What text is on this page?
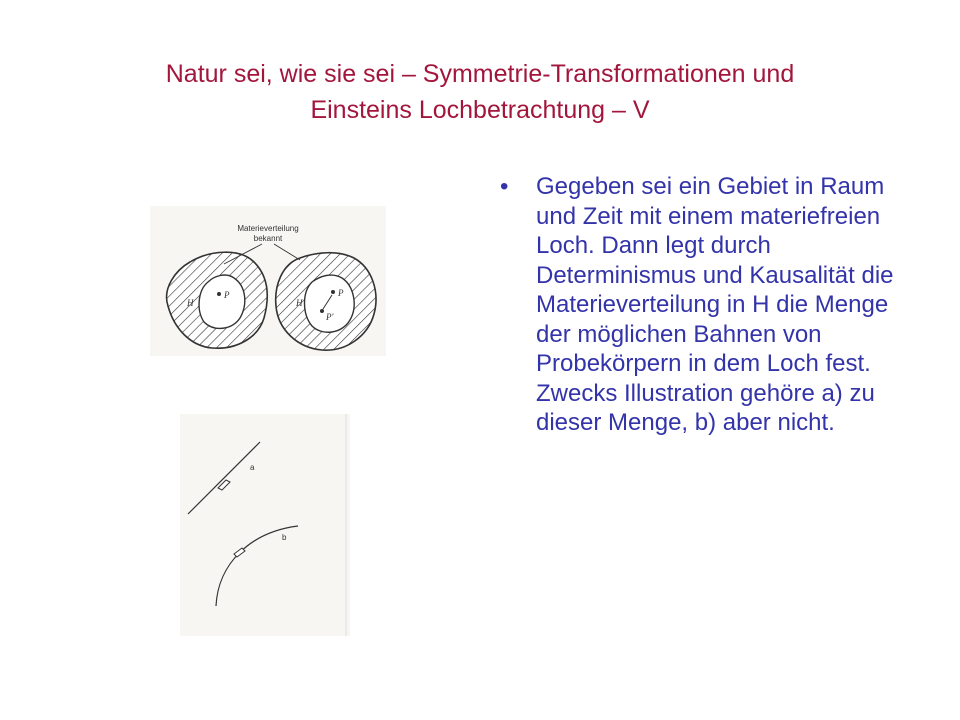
Natur sei, wie sie sei – Symmetrie-Transformationen und
Einsteins Lochbetrachtung – V
Materieverteilung
bekannt
H
P
H
P
P'
a
b
•	Gegeben sei ein Gebiet in Raum und Zeit mit einem materiefreien Loch. Dann legt durch Determinismus und Kausalität die Materieverteilung in H die Menge der möglichen Bahnen von Probekörpern in dem Loch fest. Zwecks Illustration gehöre a) zu dieser Menge, b) aber nicht.
